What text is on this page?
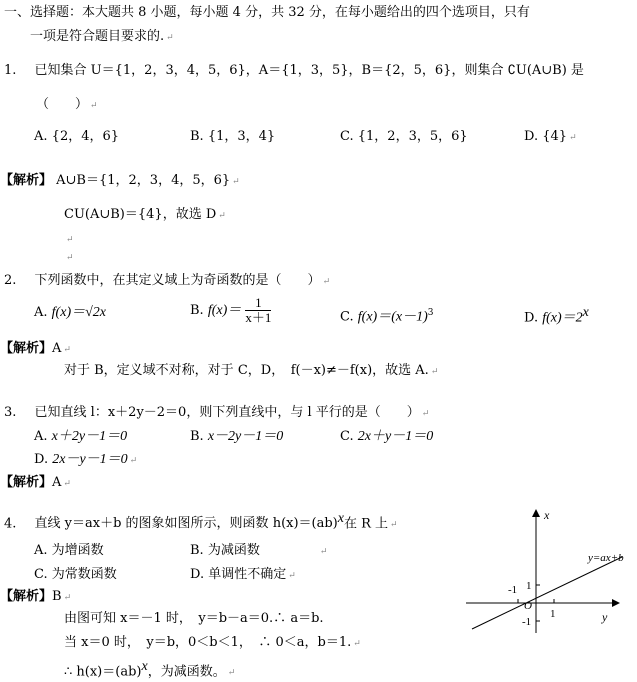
一、选择题：本大题共 8 小题，每小题 4 分，共 32 分，在每小题给出的四个选项目，只有
一项是符合题目要求的. ↵
1. 已知集合 U＝{1，2，3，4，5，6}，A＝{1，3，5}，B＝{2，5，6}，则集合 ∁U(A∪B) 是
（　　） ↵
A. {2，4，6}	B. {1，3，4}	C. {1，2，3，5，6}	D. {4} ↵
【解析】 A∪B＝{1，2，3，4，5，6} ↵
CU(A∪B)＝{4}，故选 D ↵
↵
↵
2. 下列函数中，在其定义域上为奇函数的是（　　） ↵
A. f(x)＝√2x	B. $f(x)= \frac{1}{x+1}$	C. $f(x)=(x-1)^3$	D. $f(x)=2^x$
【解析】A ↵
对于 B，定义域不对称，对于 C，D，　f(－x)≠－f(x)，故选 A. ↵
3. 已知直线 l：x＋2y－2＝0，则下列直线中，与 l 平行的是（　　） ↵
A. x＋2y－1＝0	B. x－2y－1＝0	C. 2x＋y－1＝0
D. 2x－y－1＝0 ↵
【解析】A ↵
4. 直线 y＝ax＋b 的图象如图所示，则函数 h(x)＝(ab)$^x$在 R 上 ↵
A. 为增函数	B. 为减函数	↵
C. 为常数函数	D. 单调性不确定 ↵
【解析】B ↵
由图可知 x＝－1 时，　y＝b－a＝0.∴ a＝b.
当 x＝0 时，　y＝b，0＜b＜1，　∴ 0＜a，b＝1. ↵
∴ h(x)＝(ab)$^x$，为减函数。 ↵
x
y
y=ax+b
O
-1
1
1
-1
